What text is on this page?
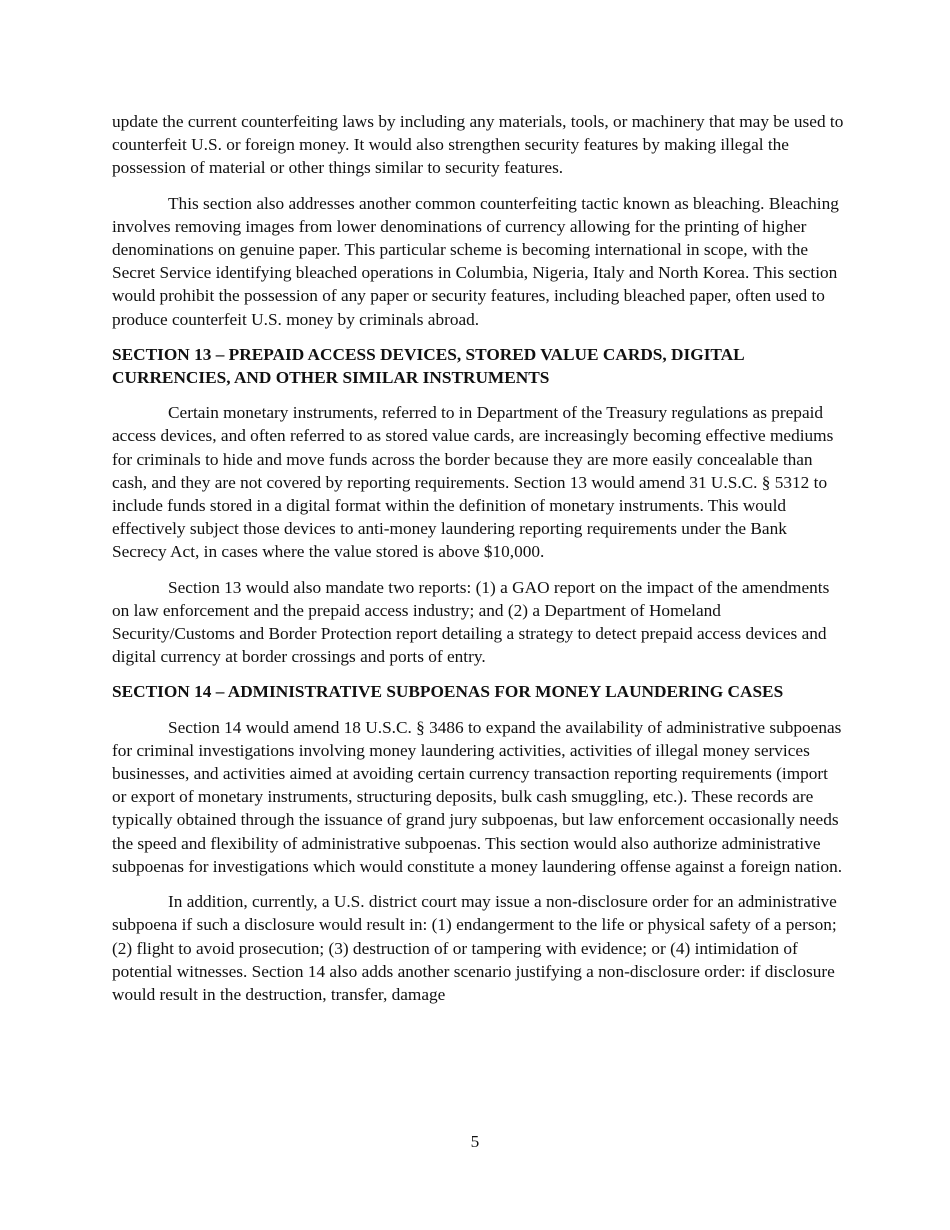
update the current counterfeiting laws by including any materials, tools, or machinery that may be used to counterfeit U.S. or foreign money. It would also strengthen security features by making illegal the possession of material or other things similar to security features.

This section also addresses another common counterfeiting tactic known as bleaching. Bleaching involves removing images from lower denominations of currency allowing for the printing of higher denominations on genuine paper. This particular scheme is becoming international in scope, with the Secret Service identifying bleached operations in Columbia, Nigeria, Italy and North Korea. This section would prohibit the possession of any paper or security features, including bleached paper, often used to produce counterfeit U.S. money by criminals abroad.

SECTION 13 – PREPAID ACCESS DEVICES, STORED VALUE CARDS, DIGITAL CURRENCIES, AND OTHER SIMILAR INSTRUMENTS

Certain monetary instruments, referred to in Department of the Treasury regulations as prepaid access devices, and often referred to as stored value cards, are increasingly becoming effective mediums for criminals to hide and move funds across the border because they are more easily concealable than cash, and they are not covered by reporting requirements. Section 13 would amend 31 U.S.C. § 5312 to include funds stored in a digital format within the definition of monetary instruments. This would effectively subject those devices to anti-money laundering reporting requirements under the Bank Secrecy Act, in cases where the value stored is above $10,000.

Section 13 would also mandate two reports: (1) a GAO report on the impact of the amendments on law enforcement and the prepaid access industry; and (2) a Department of Homeland Security/Customs and Border Protection report detailing a strategy to detect prepaid access devices and digital currency at border crossings and ports of entry.

SECTION 14 – ADMINISTRATIVE SUBPOENAS FOR MONEY LAUNDERING CASES

Section 14 would amend 18 U.S.C. § 3486 to expand the availability of administrative subpoenas for criminal investigations involving money laundering activities, activities of illegal money services businesses, and activities aimed at avoiding certain currency transaction reporting requirements (import or export of monetary instruments, structuring deposits, bulk cash smuggling, etc.). These records are typically obtained through the issuance of grand jury subpoenas, but law enforcement occasionally needs the speed and flexibility of administrative subpoenas. This section would also authorize administrative subpoenas for investigations which would constitute a money laundering offense against a foreign nation.

In addition, currently, a U.S. district court may issue a non-disclosure order for an administrative subpoena if such a disclosure would result in: (1) endangerment to the life or physical safety of a person; (2) flight to avoid prosecution; (3) destruction of or tampering with evidence; or (4) intimidation of potential witnesses. Section 14 also adds another scenario justifying a non-disclosure order: if disclosure would result in the destruction, transfer, damage

5
